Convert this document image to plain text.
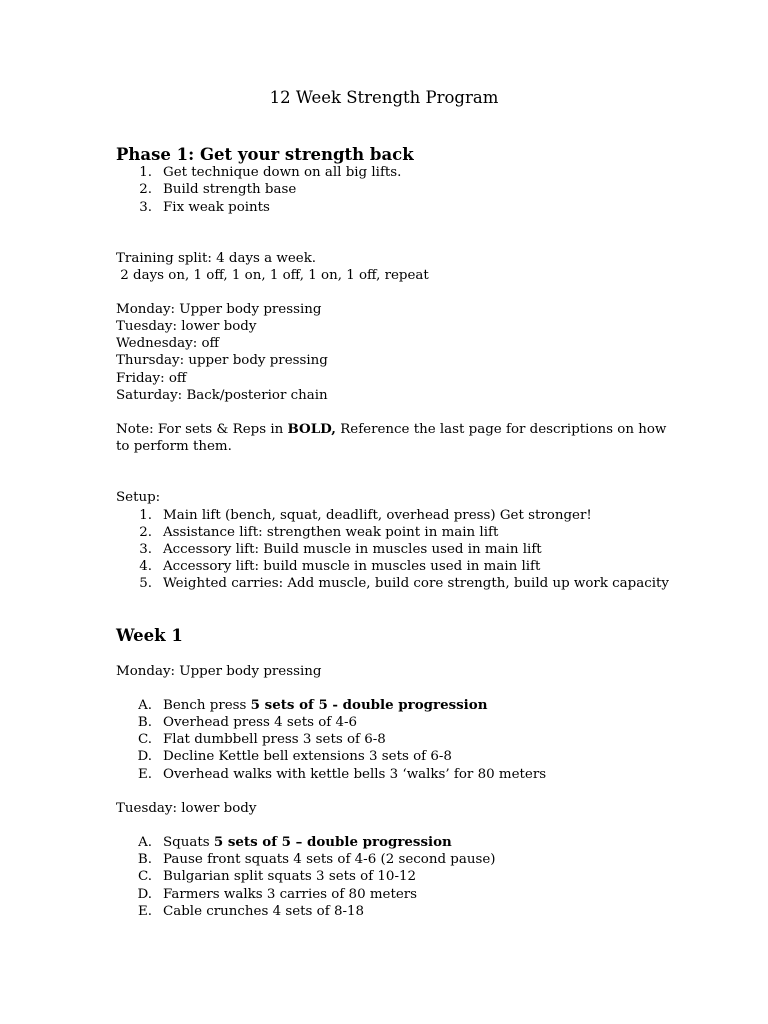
12 Week Strength Program
Phase 1: Get your strength back
1. Get technique down on all big lifts.
2. Build strength base
3. Fix weak points
Training split: 4 days a week.
2 days on, 1 off, 1 on, 1 off, 1 on, 1 off, repeat
Monday: Upper body pressing
Tuesday: lower body
Wednesday: off
Thursday: upper body pressing
Friday: off
Saturday: Back/posterior chain
Note: For sets & Reps in BOLD, Reference the last page for descriptions on how
to perform them.
Setup:
1. Main lift (bench, squat, deadlift, overhead press) Get stronger!
2. Assistance lift: strengthen weak point in main lift
3. Accessory lift: Build muscle in muscles used in main lift
4. Accessory lift: build muscle in muscles used in main lift
5. Weighted carries: Add muscle, build core strength, build up work capacity
Week 1
Monday: Upper body pressing
A. Bench press 5 sets of 5 - double progression
B. Overhead press 4 sets of 4-6
C. Flat dumbbell press 3 sets of 6-8
D. Decline Kettle bell extensions 3 sets of 6-8
E. Overhead walks with kettle bells 3 ‘walks’ for 80 meters
Tuesday: lower body
A. Squats 5 sets of 5 – double progression
B. Pause front squats 4 sets of 4-6 (2 second pause)
C. Bulgarian split squats 3 sets of 10-12
D. Farmers walks 3 carries of 80 meters
E. Cable crunches 4 sets of 8-18
